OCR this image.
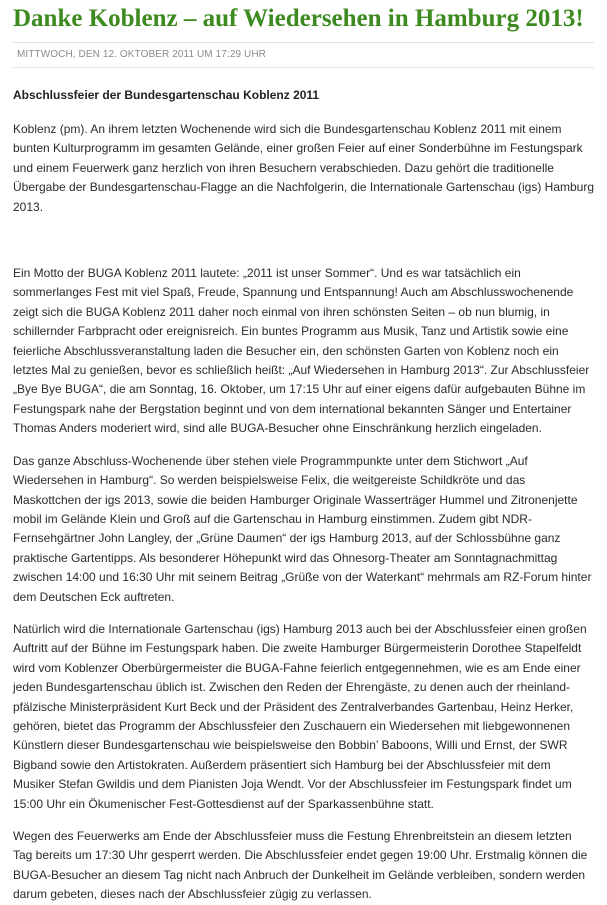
Danke Koblenz – auf Wiedersehen in Hamburg 2013!
MITTWOCH, DEN 12. OKTOBER 2011 UM 17:29 UHR

Abschlussfeier der Bundesgartenschau Koblenz 2011

Koblenz (pm). An ihrem letzten Wochenende wird sich die Bundesgartenschau Koblenz 2011 mit einem bunten Kulturprogramm im gesamten Gelände, einer großen Feier auf einer Sonderbühne im Festungspark und einem Feuerwerk ganz herzlich von ihren Besuchern verabschieden. Dazu gehört die traditionelle Übergabe der Bundesgartenschau-Flagge an die Nachfolgerin, die Internationale Gartenschau (igs) Hamburg 2013.

Ein Motto der BUGA Koblenz 2011 lautete: „2011 ist unser Sommer“. Und es war tatsächlich ein sommerlanges Fest mit viel Spaß, Freude, Spannung und Entspannung! Auch am Abschlusswochenende zeigt sich die BUGA Koblenz 2011 daher noch einmal von ihren schönsten Seiten – ob nun blumig, in schillernder Farbpracht oder ereignisreich. Ein buntes Programm aus Musik, Tanz und Artistik sowie eine feierliche Abschlussveranstaltung laden die Besucher ein, den schönsten Garten von Koblenz noch ein letztes Mal zu genießen, bevor es schließlich heißt: „Auf Wiedersehen in Hamburg 2013“. Zur Abschlussfeier „Bye Bye BUGA“, die am Sonntag, 16. Oktober, um 17:15 Uhr auf einer eigens dafür aufgebauten Bühne im Festungspark nahe der Bergstation beginnt und von dem international bekannten Sänger und Entertainer Thomas Anders moderiert wird, sind alle BUGA-Besucher ohne Einschränkung herzlich eingeladen.

Das ganze Abschluss-Wochenende über stehen viele Programmpunkte unter dem Stichwort „Auf Wiedersehen in Hamburg“. So werden beispielsweise Felix, die weitgereiste Schildkröte und das Maskottchen der igs 2013, sowie die beiden Hamburger Originale Wasserträger Hummel und Zitronenjette mobil im Gelände Klein und Groß auf die Gartenschau in Hamburg einstimmen. Zudem gibt NDR-Fernsehgärtner John Langley, der „Grüne Daumen“ der igs Hamburg 2013, auf der Schlossbühne ganz praktische Gartentipps. Als besonderer Höhepunkt wird das Ohnesorg-Theater am Sonntagnachmittag zwischen 14:00 und 16:30 Uhr mit seinem Beitrag „Grüße von der Waterkant“ mehrmals am RZ-Forum hinter dem Deutschen Eck auftreten.

Natürlich wird die Internationale Gartenschau (igs) Hamburg 2013 auch bei der Abschlussfeier einen großen Auftritt auf der Bühne im Festungspark haben. Die zweite Hamburger Bürgermeisterin Dorothee Stapelfeldt wird vom Koblenzer Oberbürgermeister die BUGA-Fahne feierlich entgegennehmen, wie es am Ende einer jeden Bundesgartenschau üblich ist. Zwischen den Reden der Ehrengäste, zu denen auch der rheinland-pfälzische Ministerpräsident Kurt Beck und der Präsident des Zentralverbandes Gartenbau, Heinz Herker, gehören, bietet das Programm der Abschlussfeier den Zuschauern ein Wiedersehen mit liebgewonnenen Künstlern dieser Bundesgartenschau wie beispielsweise den Bobbin’ Baboons, Willi und Ernst, der SWR Bigband sowie den Artistokraten. Außerdem präsentiert sich Hamburg bei der Abschlussfeier mit dem Musiker Stefan Gwildis und dem Pianisten Joja Wendt. Vor der Abschlussfeier im Festungspark findet um 15:00 Uhr ein Ökumenischer Fest-Gottesdienst auf der Sparkassenbühne statt.

Wegen des Feuerwerks am Ende der Abschlussfeier muss die Festung Ehrenbreitstein an diesem letzten Tag bereits um 17:30 Uhr gesperrt werden. Die Abschlussfeier endet gegen 19:00 Uhr. Erstmalig können die BUGA-Besucher an diesem Tag nicht nach Anbruch der Dunkelheit im Gelände verbleiben, sondern werden darum gebeten, dieses nach der Abschlussfeier zügig zu verlassen.
